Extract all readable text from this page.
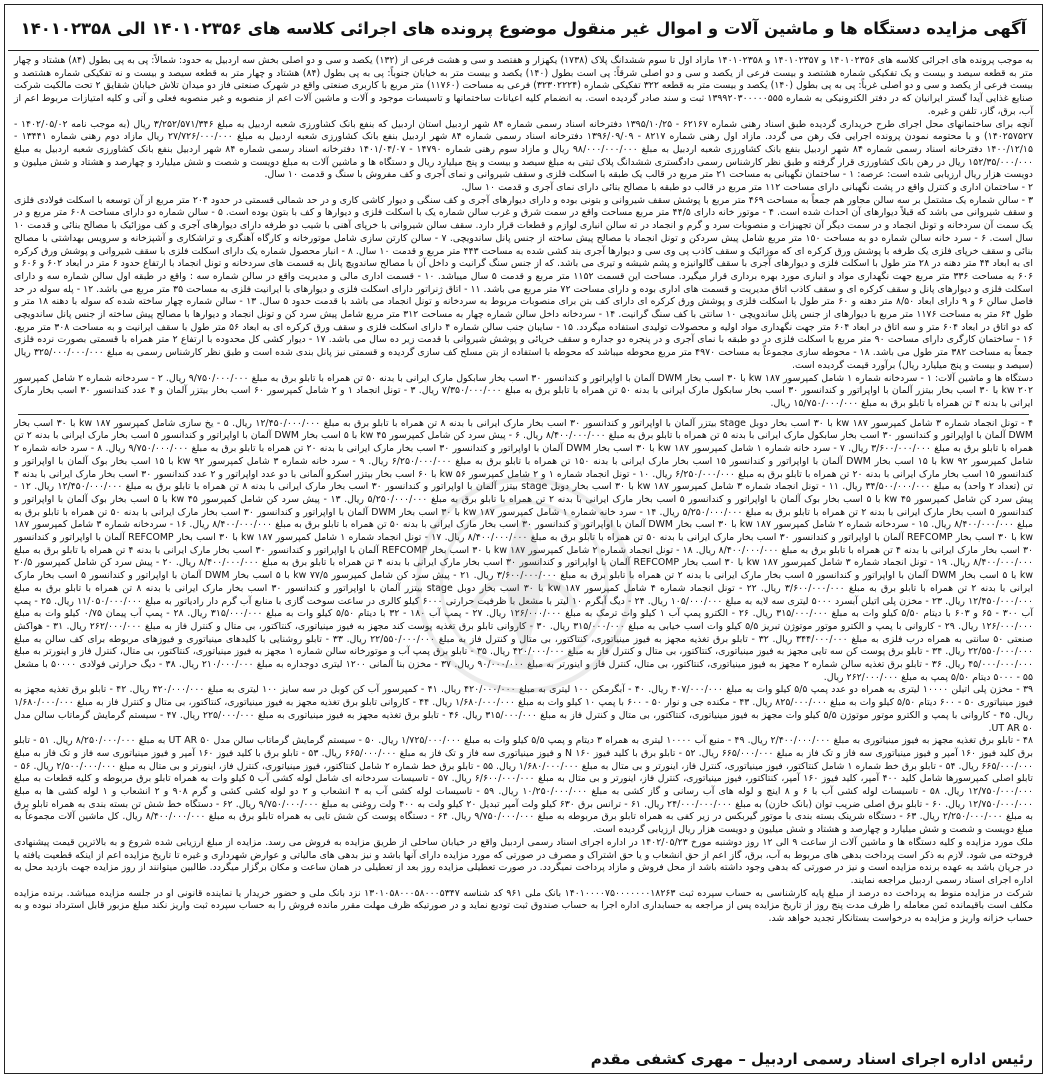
آگهی مزایده دستگاه ها و ماشین آلات و اموال غیر منقول موضوع پرونده های اجرائی کلاسه های ۱۴۰۱۰۲۳۵۶ الی ۱۴۰۱۰۲۳۵۸

به موجب پرونده های اجرائی کلاسه های ۱۴۰۱۰۲۳۵۶ و ۱۴۰۱۰۲۳۵۷ و ۱۴۰۱۰۲۳۵۸ مازاد اول تا سوم ششدانگ پلاک (۱۷۳۸) یکهزار و هفتصد و سی و هشت فرعی از (۱۳۲) یکصد و سی و دو اصلی بخش سه اردبیل به حدود: شمالاً: پی به پی بطول (۸۴) هشتاد و چهار متر به قطعه سیصد و بیست و یک تفکیکی شماره هشتصد و بیست فرعی از یکصد و سی و دو اصلی شرقاً: پی است بطول (۱۴۰) یکصد و بیست متر به خیابان جنوباً: پی به پی بطول (۸۴) هشتاد و چهار متر به قطعه سیصد و بیست و نه تفکیکی شماره هشتصد و بیست فرعی از یکصد و سی و دو اصلی غرباً: پی به پی بطول (۱۴۰) یکصد و بیست متر به قطعه ۳۲۲ تفکیکی شماره (۳۲۳۰۲۲۲۴) فرعی به مساحت (۱۱۷۶۰) متر مربع با کاربری صنعتی واقع در شهرک صنعتی فاز دو میدان تلاش خیابان شقایق ۲ تحت مالکیت شرکت صنایع غذایی آیدا گستر ایرانیان که در دفتر الکترونیکی به شماره ۱۳۹۹۲۰۳۰۰۰۰۰۵۵۵ ثبت و سند صادر گردیده است. به انضمام کلیه اعیانات ساختمانها و تاسیسات موجود و آلات و ماشین آلات اعم از منصوبه و غیر منصوبه فعلی و آتی و کلیه امتیازات مربوط اعم از آب، برق، گاز، تلفن و غیره.

آنچه برای ساختمانهای محل اجرای طرح خریداری گردیده طبق اسناد رهنی شماره ۶۲۱۶۷ - ۱۳۹۵/۱۰/۲۵ دفترخانه اسناد رسمی شماره ۸۴ شهر اردبیل استان اردبیل که بنفع بانک کشاورزی شعبه اردبیل به مبلغ ۳/۲۵۲/۵۷۱/۳۴۶ ریال (به موجب نامه ۱۴۰۲/۰۵/۰۲ - ۱۴۰۲۵۷۵۲۷) و با محتومه نمودن پرونده اجرایی فک رهن می گردد. مازاد اول رهنی شماره ۸۲۱۷ - ۱۳۹۶/۰۹/۰۹ دفترخانه اسناد رسمی شماره ۸۴ شهر اردبیل بنفع بانک کشاورزی شعبه اردبیل به مبلغ ۲۷/۷۲۶/۰۰۰/۰۰۰ ریال مازاد دوم رهنی شماره ۱۳۴۴۱ - ۱۴۰۰/۱۲/۱۵ دفترخانه اسناد رسمی شماره ۸۴ شهر اردبیل بنفع بانک کشاورزی شعبه اردبیل به مبلغ ۹۸/۰۰۰/۰۰۰/۰۰۰ ریال و مازاد سوم رهنی شماره ۱۴۷۹۰ - ۱۴۰۱/۰۴/۰۷ دفترخانه اسناد رسمی شماره ۸۴ شهر اردبیل بنفع بانک کشاورزی شعبه اردبیل به مبلغ ۱۵۲/۳۵/۰۰۰/۰۰۰ ریال در رهن بانک کشاورزی قرار گرفته و طبق نظر کارشناس رسمی دادگستری ششدانگ پلاک ثبتی به مبلغ سیصد و بیست و پنج میلیارد ریال و دستگاه ها و ماشین آلات به مبلغ دویست و شصت و شش میلیارد و چهارصد و هشتاد و شش میلیون و دویست هزار ریال ارزیابی شده است: عرصه: ۱ - ساختمان نگهبانی به مساحت ۲۱ متر مربع در قالب یک طبقه با اسکلت فلزی و سقف شیروانی و نمای آجری و کف مفروش با سنگ و قدمت ۱۰ سال.

۲ - ساختمان اداری و کنترل واقع در پشت نگهبانی دارای مساحت ۱۱۲ متر مربع در قالب دو طبقه با مصالح بنائی دارای نمای آجری و قدمت ۱۰ سال.

۳ - سالن شماره یک مشتمل بر سه سالن مجاور هم جمعاً به مساحت ۴۶۹ متر مربع با پوشش سقف شیروانی و بتونی بوده و دارای دیوارهای آجری و کف سنگی و دیوار کاشی کاری و در حد شمالی قسمتی در حدود ۲۰۴ متر مربع از آن توسعه با اسکلت فولادی فلزی و سقف شیروانی می باشد که قبلاً دیوارهای آن احداث شده است. ۴ - موتور خانه دارای ۴۴/۵ متر مربع مساحت واقع در سمت شرق و غرب سالن شماره یک با اسکلت فلزی و دیوارها و کف با بتون بوده است. ۵ - سالن شماره دو دارای مساحت ۶۰۸ متر مربع و در یک سمت آن سردخانه و تونل انجماد و در سمت دیگر آن تجهیزات و منصوبات سرد و گرم و انجماد در ته سالن انباری لوازم و قطعات قرار دارد. سقف سالن شیروانی با خرپای آهنی با شیب دو طرفه دارای دیوارهای آجری و کف موزائیک با مصالح بنائی و قدمت ۱۰ سال است. ۶ - سرد خانه سالن شماره دو به مساحت ۱۵۰ متر مربع شامل پیش سردکن و تونل انجماد با مصالح پیش ساخته از جنس پانل ساندویچی. ۷ - سالن کارتن سازی شامل موتورخانه و کارگاه آهنگری و تراشکاری و آشپزخانه و سرویس بهداشتی با مصالح بنائی و سقف خرپای فلزی یک طرفه با پوشش ورق کرکره ای که موزائیک و سقف کاذب پی وی سی و دیوارها آجری بند کشی شده به مساحت ۴۴۳ متر مربع و قدمت ۱۰ سال. ۸ - انبار محصول شماره یک دارای اسکلت فلزی با سقف شیروانی و پوشش ورق کرکره ای به ابعاد ۴۴ متر دهنه در ۲۸ متر طول با اسکلت فلزی و دیوارهای آجری با سقف گالوانیزه و پشم شیشه و تیری می باشد. که از جنس سنگ گرانیت و داخل آن با مصالح ساندویچ پانل به قسمت های سردخانه و تونل انجماد با ارتفاع حدود ۶ متر در ابعاد ۶۰۲ و ۶۰۶ و ۶۰۶ به مساحت ۳۳۶ متر مربع جهت نگهداری مواد و انباری مورد بهره برداری قرار میگیرد. مساحت این قسمت ۱۱۵۲ متر مربع و قدمت ۵ سال میباشد. ۱۰ - قسمت اداری مالی و مدیریت واقع در سالن شماره سه : واقع در طبقه اول سالن شماره سه و دارای اسکلت فلزی و دیوارهای پانل و سقف کرکره ای و سقف کاذب اتاق مدیریت و قسمت های اداری بوده و دارای مساحت ۷۲ متر مربع می باشد. ۱۱ - اتاق ژنراتور دارای اسکلت فلزی و دیوارهای با ایرانیت فلزی به مساحت ۳۵ متر مربع می باشد. ۱۲ - پله سوله در حد فاصل سالن ۶ و ۹ دارای ابعاد ۸/۵۰ متر دهنه و ۶۰ متر طول با اسکلت فلزی و پوشش ورق کرکره ای دارای کف بتن برای منصوبات مربوط به سردخانه و تونل انجماد می باشد با قدمت حدود ۵ سال. ۱۳ - سالن شماره چهار ساخته شده که سوله با دهنه ۱۸ متر و طول ۶۴ متر به مساحت ۱۱۷۶ متر مربع با دیوارهای از جنس پانل ساندویچی ۱۰ سانتی با کف سنگ گرانیت. ۱۴ - سردخانه داخل سالن شماره چهار به مساحت ۳۱۲ متر مربع شامل پیش سرد کن و تونل انجماد و دیوارها با مصالح پیش ساخته از جنس پانل ساندویچی که دو اتاق در ابعاد ۶۰۴ متر و سه اتاق در ابعاد ۶۰۴ متر جهت نگهداری مواد اولیه و محصولات تولیدی استفاده میگردد. ۱۵ - سایبان جنب سالن شماره ۴ دارای اسکلت فلزی و سقف ورق کرکره ای به ابعاد ۵۶ متر طول با سقف ایرانیت و به مساحت ۳۰۸ متر مربع. ۱۶ - ساختمان کارگری دارای مساحت ۹۰ متر مربع با اسکلت فلزی در دو طبقه با نمای آجری و در پنجره دو جداره و سقف خرپائی و پوشش شیروانی با قدمت زیر ده سال می باشد. ۱۷ - دیوار کشی کل محدوده با ارتفاع ۲ متر همراه با قسمتی بصورت نرده فلزی جمعاً به مساحت ۳۸۲ متر طول می باشد. ۱۸ - محوطه سازی مجموعاً به مساحت ۴۹۷۰ متر مربع محوطه میباشد که محوطه با استفاده از بتن مسلح کف سازی گردیده و قسمتی نیز پانل بندی شده است و طبق نظر کارشناس رسمی به مبلغ ۳۲۵/۰۰۰/۰۰۰/۰۰۰ ریال (سیصد و بیست و پنج میلیارد ریال) برآورد قیمت گردیده است.

دستگاه ها و ماشین آلات: ۱ - سردخانه شماره ۱ شامل کمپرسور ۱۸۷ kw با ۳۰ اسب بخار DWM آلمان با اواپراتور و کندانسور ۳۰ اسب بخار سابکول مارک ایرانی با بدنه ۵۰ تن همراه با تابلو برق به مبلغ ۹/۷۵۰/۰۰۰/۰۰۰ ریال. ۲ - سردخانه شماره ۲ شامل کمپرسور ۲۰۲ kw با ۳۰ اسب بخار بیتزر آلمان با اواپراتور و کندانسور ۳۰ اسب بخار سابکول مارک ایرانی با بدنه ۵۰ تن همراه با تابلو برق به مبلغ ۷/۳۵۰/۰۰۰/۰۰۰ ریال. ۳ - تونل انجماد ۱ و ۲ شامل کمپرسور ۶۰ اسب بخار بیتزر آلمان و ۴ عدد کندانسور ۳۰ اسب بخار مارک ایرانی با بدنه ۴ تن همراه با تابلو برق به مبلغ ۱۵/۷۵۰/۰۰۰/۰۰۰ ریال.

۴ - تونل انجماد شماره ۳ شامل کمپرسور ۱۸۷ kw با ۳۰ اسب بخار دوبل stage بیتزر آلمان با اواپراتور و کندانسور ۳۰ اسب بخار مارک ایرانی با بدنه ۸ تن همراه با تابلو برق به مبلغ ۱۲/۴۵۰/۰۰۰/۰۰۰ ریال. ۵ - یخ سازی شامل کمپرسور ۱۸۷ kw با ۳۰ اسب بخار DWM آلمان با اواپراتور و کندانسور ۳۰ اسب بخار سابکول مارک ایرانی با بدنه ۵ تن همراه با تابلو برق به مبلغ ۸/۴۰۰/۰۰۰/۰۰۰ ریال. ۶ - پیش سرد کن شامل کمپرسور ۴۵ kw با ۵ اسب بخار DWM آلمان با اواپراتور و کندانسور ۵ اسب بخار مارک ایرانی با بدنه ۲ تن همراه با تابلو برق به مبلغ ۳/۶۰۰/۰۰۰/۰۰۰ ریال. ۷ - سرد خانه شماره ۱ شامل کمپرسور ۱۸۷ kw با ۳۰ اسب بخار DWM آلمان با اواپراتور و کندانسور ۳۰ اسب بخار مارک ایرانی با بدنه ۲۰ تن همراه با تابلو برق به مبلغ ۹/۷۵۰/۰۰۰/۰۰۰ ریال. ۸ - سرد خانه شماره ۲ شامل کمپرسور ۹۲ kw با ۱۵ اسب بخار DWM آلمان با اواپراتور و کندانسور ۱۵ اسب بخار مارک ایرانی با بدنه ۱۵۰ تن همراه با تابلو برق به مبلغ ۶/۲۵۰/۰۰۰/۰۰۰ ریال. ۹ - سرد خانه شماره ۳ شامل کمپرسور ۹۲ kw با ۱۵ اسب بخار بوک آلمان با اواپراتور و کندانسور ۱۵ اسب بخار مارک ایرانی با بدنه ۲۰ تن همراه با تابلو برق به مبلغ ۶/۲۵۰/۰۰۰/۰۰۰ ریال. ۱۰ - تونل انجماد شماره ۱ و ۲ شامل کمپرسور ۵۶ kw با ۶۰ اسب بخار بیتزر اسکرو آلمانی با دو عدد اواپراتور و ۲ عدد کندانسور ۳۰ اسب بخار مارک ایرانی با بدنه ۴ تن (تعداد ۲ واحد) به مبلغ ۳۴/۵۰۰/۰۰۰/۰۰۰ ریال. ۱۱ - تونل انجماد شماره ۳ شامل کمپرسور ۱۸۷ kw با ۳۰ اسب بخار دوبل stage بیتزر آلمان با اواپراتور و کندانسور ۳۰ اسب بخار مارک ایرانی با بدنه ۸ تن همراه با تابلو برق به مبلغ ۱۲/۴۵۰/۰۰۰/۰۰۰ ریال. ۱۲ - پیش سرد کن شامل کمپرسور ۴۵ kw با ۵ اسب بخار بوک آلمان با اواپراتور و کندانسور ۵ اسب بخار مارک ایرانی با بدنه ۲ تن همراه با تابلو برق به مبلغ ۵/۲۵۰/۰۰۰/۰۰۰ ریال. ۱۳ - پیش سرد کن شامل کمپرسور ۴۵ kw با ۵ اسب بخار بوک آلمان با اواپراتور و کندانسور ۵ اسب بخار مارک ایرانی با بدنه ۲ تن همراه با تابلو برق به مبلغ ۵/۲۵۰/۰۰۰/۰۰۰ ریال. ۱۴ - سرد خانه شماره ۱ شامل کمپرسور ۱۸۷ kw با ۳۰ اسب بخار DWM آلمان با اواپراتور و کندانسور ۳۰ اسب بخار مارک ایرانی با بدنه ۵۰ تن همراه با تابلو برق به مبلغ ۸/۴۰۰/۰۰۰/۰۰۰ ریال. ۱۵ - سردخانه شماره ۲ شامل کمپرسور ۱۸۷ kw با ۳۰ اسب بخار DWM آلمان با اواپراتور و کندانسور ۳۰ اسب بخار مارک ایرانی با بدنه ۵۰ تن همراه با تابلو برق به مبلغ ۸/۴۰۰/۰۰۰/۰۰۰ ریال. ۱۶ - سردخانه شماره ۳ شامل کمپرسور ۱۸۷ kw با ۳۰ اسب بخار REFCOMP آلمان با اواپراتور و کندانسور ۳۰ اسب بخار مارک ایرانی با بدنه ۵۰ تن همراه با تابلو برق به مبلغ ۸/۴۰۰/۰۰۰/۰۰۰ ریال. ۱۷ - تونل انجماد شماره ۱ شامل کمپرسور ۱۸۷ kw با ۳۰ اسب بخار REFCOMP آلمان با اواپراتور و کندانسور ۳۰ اسب بخار مارک ایرانی با بدنه ۴ تن همراه با تابلو برق به مبلغ ۸/۴۰۰/۰۰۰/۰۰۰ ریال. ۱۸ - تونل انجماد شماره ۲ شامل کمپرسور ۱۸۷ kw با ۳۰ اسب بخار REFCOMP آلمان با اواپراتور و کندانسور ۳۰ اسب بخار مارک ایرانی با بدنه ۴ تن همراه با تابلو برق به مبلغ ۸/۴۰۰/۰۰۰/۰۰۰ ریال. ۱۹ - تونل انجماد شماره ۳ شامل کمپرسور ۱۸۷ kw با ۳۰ اسب بخار REFCOMP آلمان با اواپراتور و کندانسور ۳۰ اسب بخار مارک ایرانی با بدنه ۴ تن همراه با تابلو برق به مبلغ ۸/۴۰۰/۰۰۰/۰۰۰ ریال. ۲۰ - پیش سرد کن شامل کمپرسور ۲۰/۵ kw با ۵ اسب بخار DWM آلمان با اواپراتور و کندانسور ۵ اسب بخار مارک ایرانی با بدنه ۲ تن همراه با تابلو برق به مبلغ ۳/۶۰۰/۰۰۰/۰۰۰ ریال. ۲۱ - پیش سرد کن شامل کمپرسور ۷۷/۵ kw با ۵ اسب بخار DWM آلمان با اواپراتور و کندانسور ۵ اسب بخار مارک ایرانی با بدنه ۲ تن همراه با تابلو برق به مبلغ ۳/۶۰۰/۰۰۰/۰۰۰ ریال. ۲۲ - تونل انجماد شماره ۴ شامل کمپرسور ۱۸۷ kw با ۳۰ اسب بخار دوبل stage بیتزر آلمان با اواپراتور و کندانسور ۳۰ اسب بخار مارک ایرانی با بدنه ۸ تن همراه با تابلو برق به مبلغ ۱۲/۴۵۰/۰۰۰/۰۰۰ ریال. ۲۳ - مخزن پلی اتیلن آبسرد ۵۰۰۰ لیتری سه لایه به مبلغ ۱۰۵/۰۰۰/۰۰۰ ریال. ۲۴ - دیگ آبگرم ۱۰ لیتر با مشعل با ظرفیت حرارتی ۶۰۰۰ کیلو کالری در ساعت سوخت گازی با منابع آب گرم دار رادیاتور به مبلغ ۱۱/۰۵۰/۰۰۰/۰۰۰ ریال. ۲۵ - پمپ آب ۳۰۰ - ۶۵ و ۶۰۳ با دیتام ۵/۵۰ کیلو وات به مبلغ ۳۱۵/۰۰۰/۰۰۰ ریال. ۲۶ - الکترو پمپ آب ۱ کیلو وات ترمک به مبلغ ۱۲۶/۰۰۰/۰۰۰ ریال. ۲۷ - پمپ آب ۱۸۰ - ۳۲ با دیتام ۵/۵۰ کیلو وات به مبلغ ۳۱۵/۰۰۰/۰۰۰ ریال. ۲۸ - پمپ آب پیمان ۰/۷۵ کیلو وات به مبلغ ۱۲۶/۰۰۰/۰۰۰ ریال. ۲۹ - کاروانی با پمپ و الکترو موتور موتوژن تبریز ۵/۵ کیلو وات اسب خیابی به مبلغ ۳۱۵/۰۰۰/۰۰۰ ریال. ۳۰ - کاروانی تابلو برق تغذیه پوست کند مجهز به فیوز مینیاتوری، کنتاکتور، بی متال و کنترل فاز به مبلغ ۲۶۲/۰۰۰/۰۰۰ ریال. ۳۱ - هواکش صنعتی ۵۰ سانتی به همراه درب فلزی به مبلغ ۳۴۴/۰۰۰/۰۰۰ ریال. ۳۲ - تابلو برق تغذیه مجهز به فیوز مینیاتوری، کنتاکتور، بی متال و کنترل فاز به مبلغ ۲۲/۵۵۰/۰۰۰/۰۰۰ ریال. ۳۳ - تابلو روشنایی با کلیدهای مینیاتوری و فیوزهای مربوطه برای کف سالن به مبلغ ۲۲/۵۵۰/۰۰۰/۰۰۰ ریال. ۳۴ - تابلو برق پوست کن سه تایی مجهز به فیوز مینیاتوری، کنتاکتور، بی متال و کنترل فاز به مبلغ ۴۲۰/۰۰۰/۰۰۰ ریال. ۳۵ - تابلو برق پمپ آب و موتورخانه سالن شماره ۱ مجهز به فیوز مینیاتوری، کنتاکتور، بی متال، کنترل فاز و اینورتر به مبلغ ۴۵/۰۰۰/۰۰۰/۰۰۰ ریال. ۳۶ - تابلو برق تغذیه سالن شماره ۲ مجهز به فیوز مینیاتوری، کنتاکتور، بی متال، کنترل فاز و اینورتر به مبلغ ۹۰/۰۰۰/۰۰۰ ریال. ۳۷ - مخزن بنا آلمانی ۱۲۰۰ لیتری دوجداره به مبلغ ۲۱۰/۰۰۰/۰۰۰ ریال. ۳۸ - دیگ حرارتی فولادی ۵۰۰۰۰ با مشعل ۵۵ - ۵۰۰۰ دیتام ۵/۵۰ پمپ به مبلغ ۲۶۲/۰۰۰/۰۰۰ ریال.

۳۹ - مخزن پلی اتیلن ۱۰۰۰۰ لیتری به همراه دو عدد پمپ ۵/۵ کیلو وات به مبلغ ۴۰۷/۰۰۰/۰۰۰ ریال. ۴۰ - آبگرمکن ۱۰۰ لیتری به مبلغ ۴۲۰/۰۰۰/۰۰۰ ریال. ۴۱ - کمپرسور آب کن کوبل در سه سایز ۱۰۰ لیتری به مبلغ ۴۲۰/۰۰۰/۰۰۰ ریال. ۴۲ - تابلو برق تغذیه مجهز به فیوز مینیاتوری ۵۰ - ۶۰۰ دیتام ۵/۵۰ کیلو وات به مبلغ ۸۲۵/۰۰۰/۰۰۰ ریال. ۴۳ - مکنده جی و نوار ۵۰ - ۶۰۰ با پمپ ۱۰ کیلو وات به مبلغ ۱/۶۸۰/۰۰۰/۰۰۰ ریال. ۴۴ - کاروانی تابلو برق تغذیه مجهز به فیوز مینیاتوری، کنتاکتور، بی متال و کنترل فاز به مبلغ ۱/۶۸۰/۰۰۰/۰۰۰ ریال. ۴۵ - کاروانی با پمپ و الکترو موتور موتوژن ۵/۵ کیلو وات مجهز به فیوز مینیاتوری، کنتاکتور، بی متال و کنترل فاز به مبلغ ۳۱۵/۰۰۰/۰۰۰ ریال. ۴۶ - تابلو برق تغذیه مجهز به فیوز مینیاتوری به مبلغ ۲۲۵/۰۰۰/۰۰۰ ریال. ۴۷ - سیستم گرمایش گرماتاب سالن مدل UT AR ۵۰.

۴۸ - تابلو برق تغذیه مجهز به فیوز مینیاتوری به مبلغ ۲/۴۰۰/۰۰۰/۰۰۰ ریال. ۴۹ - منبع آب ۱۰۰۰۰ لیتری به همراه ۳ دیتام و پمپ ۵/۵ کیلو وات به مبلغ ۱/۷۲۵/۰۰۰/۰۰۰ ریال. ۵۰ - سیستم گرمایش گرماتاب سالن مدل UT AR ۵۰ به مبلغ ۸/۲۵۰/۰۰۰/۰۰۰ ریال. ۵۱ - تابلو برق کلید فیوز ۱۶۰ آمپر و فیوز مینیاتوری سه فاز و تک فاز به مبلغ ۶۶۵/۰۰۰/۰۰۰ ریال. ۵۲ - تابلو برق با کلید فیوز N ۱۶۰ و فیوز مینیاتوری سه فاز و تک فاز به مبلغ ۶۶۵/۰۰۰/۰۰۰ ریال. ۵۳ - تابلو برق با کلید فیوز ۱۶۰ آمپر و فیوز مینیاتوری سه فاز و تک فاز به مبلغ ۶۶۵/۰۰۰/۰۰۰ ریال. ۵۴ - تابلو برق خط شماره ۱ شامل کنتاکتور، فیوز مینیاتوری، کنترل فاز، اینورتر و بی متال به مبلغ ۱/۶۸۰/۰۰۰/۰۰۰ ریال. ۵۵ - تابلو برق خط شماره ۲ شامل کنتاکتور، فیوز مینیاتوری، کنترل فاز، اینورتر و بی متال به مبلغ ۲/۵۰۰/۰۰۰/۰۰۰ ریال. ۵۶ - تابلو اصلی کمپرسورها شامل کلید ۴۰۰ آمپر، کلید فیوز ۱۶۰ آمپر، کنتاکتور، فیوز مینیاتوری، کنترل فاز، اینورتر و بی متال به مبلغ ۶/۶۰۰/۰۰۰/۰۰۰ ریال. ۵۷ - تاسیسات سردخانه ای شامل لوله کشی آب ۵ کیلو وات به همراه تابلو برق مربوطه و کلیه قطعات به مبلغ ۱۲/۷۵۰/۰۰۰/۰۰۰ ریال. ۵۸ - تاسیسات لوله کشی آب با ۶ و ۸ اینچ و لوله های آب رسانی و گاز کشی به مبلغ ۱۰/۲۵۰/۰۰۰/۰۰۰ ریال. ۵۹ - تاسیسات لوله کشی آب به ۴ انشعاب و ۲ دو لوله کشی کشی و گرم ۹۰۸ و ۲ انشعاب و ۱ لوله کشی ها به مبلغ ۱۲/۷۵۰/۰۰۰/۰۰۰ ریال. ۶۰ - تابلو برق اصلی ضریب توان (بانک خازن) به مبلغ ۲۴/۰۰۰/۰۰۰/۰۰۰ ریال. ۶۱ - ترانس برق ۶۳۰ کیلو ولت آمپر تبدیل ۲۰ کیلو ولت به ۴۰۰ ولت روغنی به مبلغ ۹/۷۵۰/۰۰۰/۰۰۰ ریال. ۶۲ - دستگاه خط شش تن بسته بندی به همراه تابلو برق به مبلغ ۲/۲۵۰/۰۰۰/۰۰۰ ریال. ۶۳ - دستگاه شرینک بسته بندی با موتور گیربکس در زیر کفی به همراه تابلو برق مربوطه به مبلغ ۹/۷۵۰/۰۰۰/۰۰۰ ریال. ۶۴ - دستگاه پوست کن شش تایی به همراه تابلو برق به مبلغ ۸/۴۰۰/۰۰۰/۰۰۰ ریال. کل ماشین آلات مجموعاً به مبلغ دویست و شصت و شش میلیارد و چهارصد و هشتاد و شش میلیون و دویست هزار ریال ارزیابی گردیده است.

ملک مورد مزایده و کلیه دستگاه ها و ماشین آلات از ساعت ۹ الی ۱۲ روز دوشنبه مورخ ۱۴۰۲/۰۵/۲۳ در اداره اجرای اسناد رسمی اردبیل واقع در خیابان ساحلی از طریق مزایده به فروش می رسد. مزایده از مبلغ ارزیابی شده شروع و به بالاترین قیمت پیشنهادی فروخته می شود. لازم به ذکر است پرداخت بدهی های مربوط به آب، برق، گاز اعم از حق انشعاب و یا حق اشتراک و مصرف در صورتی که مورد مزایده دارای آنها باشد و نیز بدهی های مالیاتی و عوارض شهرداری و غیره تا تاریخ مزایده اعم از اینکه قطعیت یافته یا در جریان باشد به عهده برنده مزایده است و نیز در صورتی که بدهی وجود داشته باشد از محل فروش و مازاد پرداخت نمیگردد. در صورت تعطیلی مزایده روز بعد از تعطیلی در همان ساعت و مکان برگزار میگردد. طالبین میتوانند از روز مزایده جهت بازدید محل به اداره اجرای اسناد رسمی اردبیل مراجعه نمایند.

شرکت در مزایده منوط به پرداخت ده درصد از مبلغ پایه کارشناسی به حساب سپرده ثبت ۱۴۰۱۰۰۰۰۷۵۰۰۰۰۰۰۰۱۸۲۶۳ بانک ملی ۹۶۱ کد شناسه ۱۳۰۱۰۵۸۰۰۰۵۸۰۰۰۵۳۴۷ نزد بانک ملی و حضور خریدار یا نماینده قانونی او در جلسه مزایده میباشد. برنده مزایده مکلف است باقیمانده ثمن معامله را ظرف مدت پنج روز از تاریخ مزایده پس از مراجعه به حسابداری اداره اجرا به حساب صندوق ثبت تودیع نماید و در صورتیکه ظرف مهلت مقرر مانده فروش را به حساب سپرده ثبت واریز نکند مبلغ مزبور قابل استرداد نبوده و به حساب خزانه واریز و مزایده به درخواست بستانکار تجدید خواهد شد.

رئیس اداره اجرای اسناد رسمی اردبیل – مهری کشفی مقدم
